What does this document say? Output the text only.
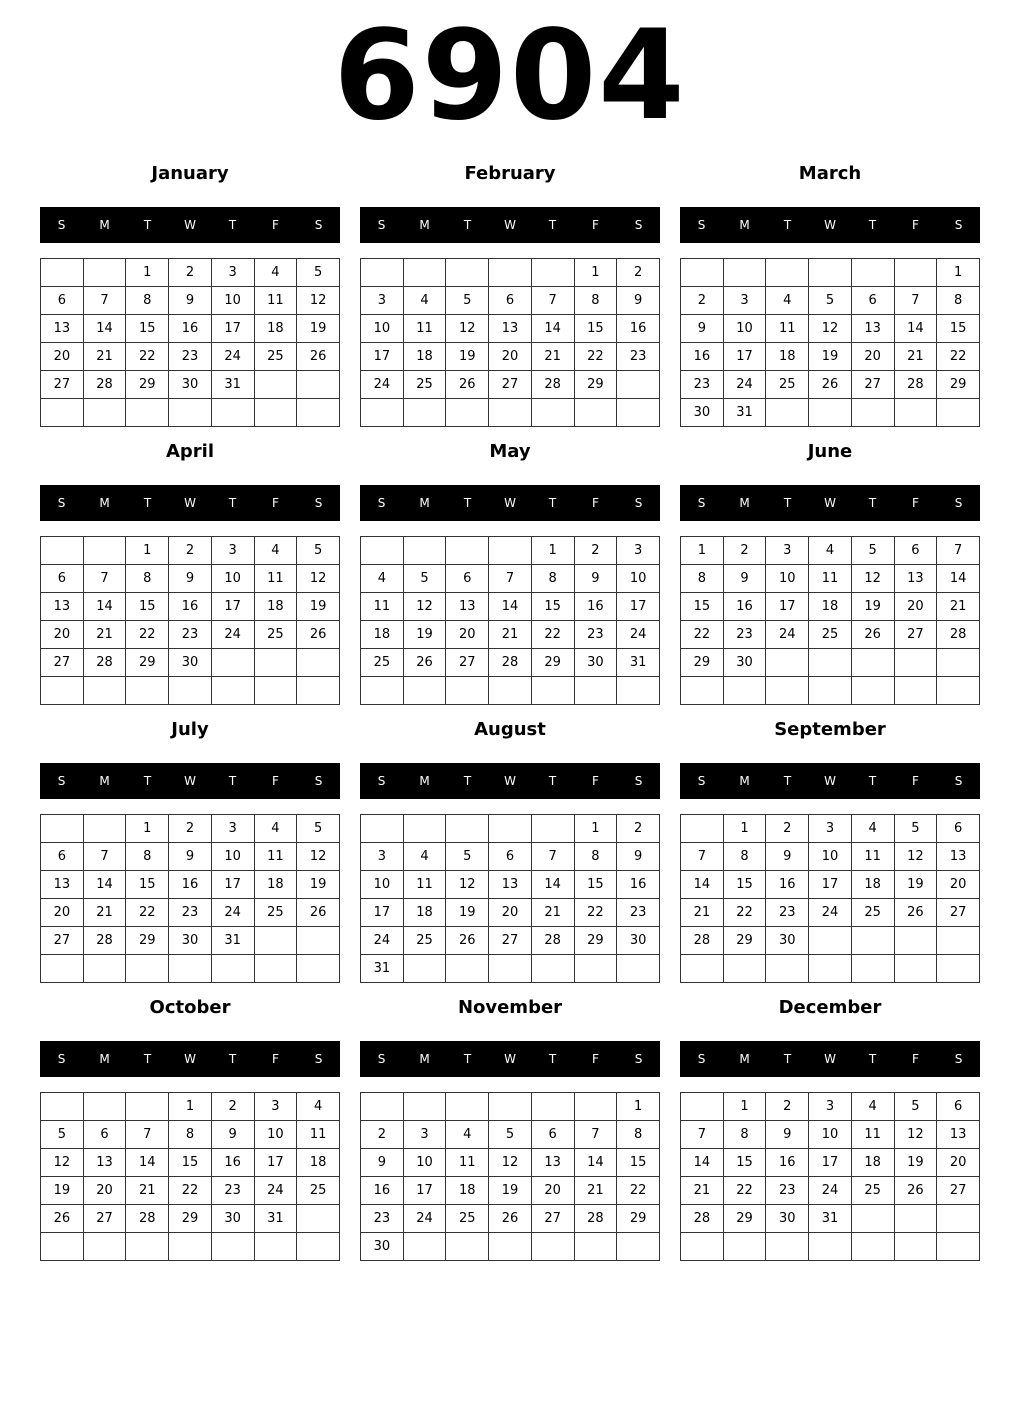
6904
January
S	M	T	W	T	F	S
		1	2	3	4	5
6	7	8	9	10	11	12
13	14	15	16	17	18	19
20	21	22	23	24	25	26
27	28	29	30	31		

February
S	M	T	W	T	F	S
					1	2
3	4	5	6	7	8	9
10	11	12	13	14	15	16
17	18	19	20	21	22	23
24	25	26	27	28	29	

March
S	M	T	W	T	F	S
						1
2	3	4	5	6	7	8
9	10	11	12	13	14	15
16	17	18	19	20	21	22
23	24	25	26	27	28	29
30	31					
April
S	M	T	W	T	F	S
		1	2	3	4	5
6	7	8	9	10	11	12
13	14	15	16	17	18	19
20	21	22	23	24	25	26
27	28	29	30			

May
S	M	T	W	T	F	S
				1	2	3
4	5	6	7	8	9	10
11	12	13	14	15	16	17
18	19	20	21	22	23	24
25	26	27	28	29	30	31

June
S	M	T	W	T	F	S
1	2	3	4	5	6	7
8	9	10	11	12	13	14
15	16	17	18	19	20	21
22	23	24	25	26	27	28
29	30					

July
S	M	T	W	T	F	S
		1	2	3	4	5
6	7	8	9	10	11	12
13	14	15	16	17	18	19
20	21	22	23	24	25	26
27	28	29	30	31		

August
S	M	T	W	T	F	S
					1	2
3	4	5	6	7	8	9
10	11	12	13	14	15	16
17	18	19	20	21	22	23
24	25	26	27	28	29	30
31						
September
S	M	T	W	T	F	S
	1	2	3	4	5	6
7	8	9	10	11	12	13
14	15	16	17	18	19	20
21	22	23	24	25	26	27
28	29	30				

October
S	M	T	W	T	F	S
			1	2	3	4
5	6	7	8	9	10	11
12	13	14	15	16	17	18
19	20	21	22	23	24	25
26	27	28	29	30	31	

November
S	M	T	W	T	F	S
						1
2	3	4	5	6	7	8
9	10	11	12	13	14	15
16	17	18	19	20	21	22
23	24	25	26	27	28	29
30						
December
S	M	T	W	T	F	S
	1	2	3	4	5	6
7	8	9	10	11	12	13
14	15	16	17	18	19	20
21	22	23	24	25	26	27
28	29	30	31			
